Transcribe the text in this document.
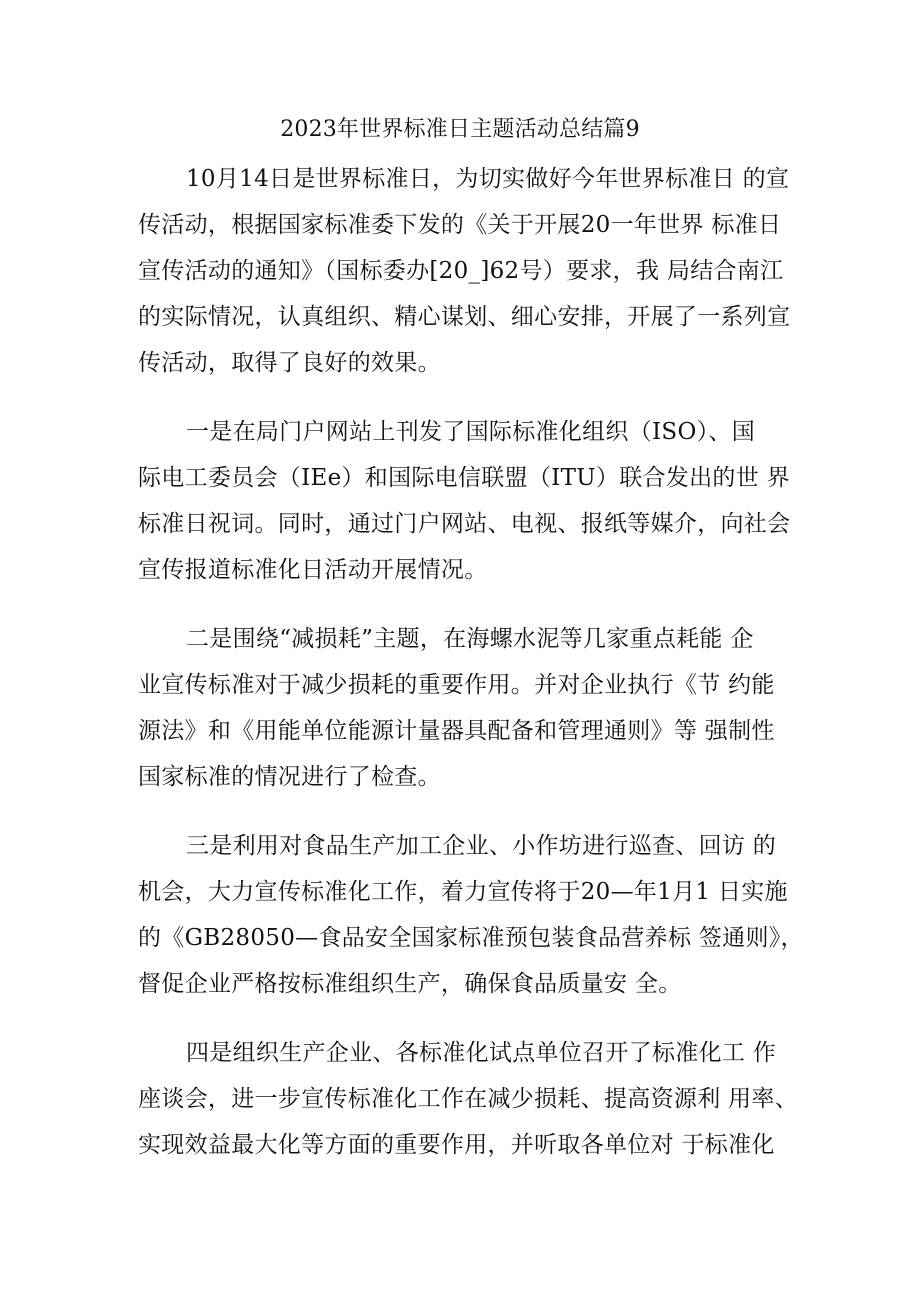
2023年世界标准日主题活动总结篇9
10月14日是世界标准日，为切实做好今年世界标准日 的宣
传活动，根据国家标准委下发的《关于开展20一年世界 标准日
宣传活动的通知》（国标委办[20_]62号）要求，我 局结合南江
的实际情况，认真组织、精心谋划、细心安排，开展了一系列宣
传活动，取得了良好的效果。
一是在局门户网站上刊发了国际标准化组织（ISO）、国
际电工委员会（IEe）和国际电信联盟（ITU）联合发出的世 界
标准日祝词。同时，通过门户网站、电视、报纸等媒介，向社会
宣传报道标准化日活动开展情况。
二是围绕“减损耗”主题，在海螺水泥等几家重点耗能 企
业宣传标准对于减少损耗的重要作用。并对企业执行《节 约能
源法》和《用能单位能源计量器具配备和管理通则》等 强制性
国家标准的情况进行了检查。
三是利用对食品生产加工企业、小作坊进行巡查、回访 的
机会，大力宣传标准化工作，着力宣传将于20—年1月1 日实施
的《GB28050—食品安全国家标准预包装食品营养标 签通则》，
督促企业严格按标准组织生产，确保食品质量安 全。
四是组织生产企业、各标准化试点单位召开了标准化工 作
座谈会，进一步宣传标准化工作在减少损耗、提高资源利 用率、
实现效益最大化等方面的重要作用，并听取各单位对 于标准化
